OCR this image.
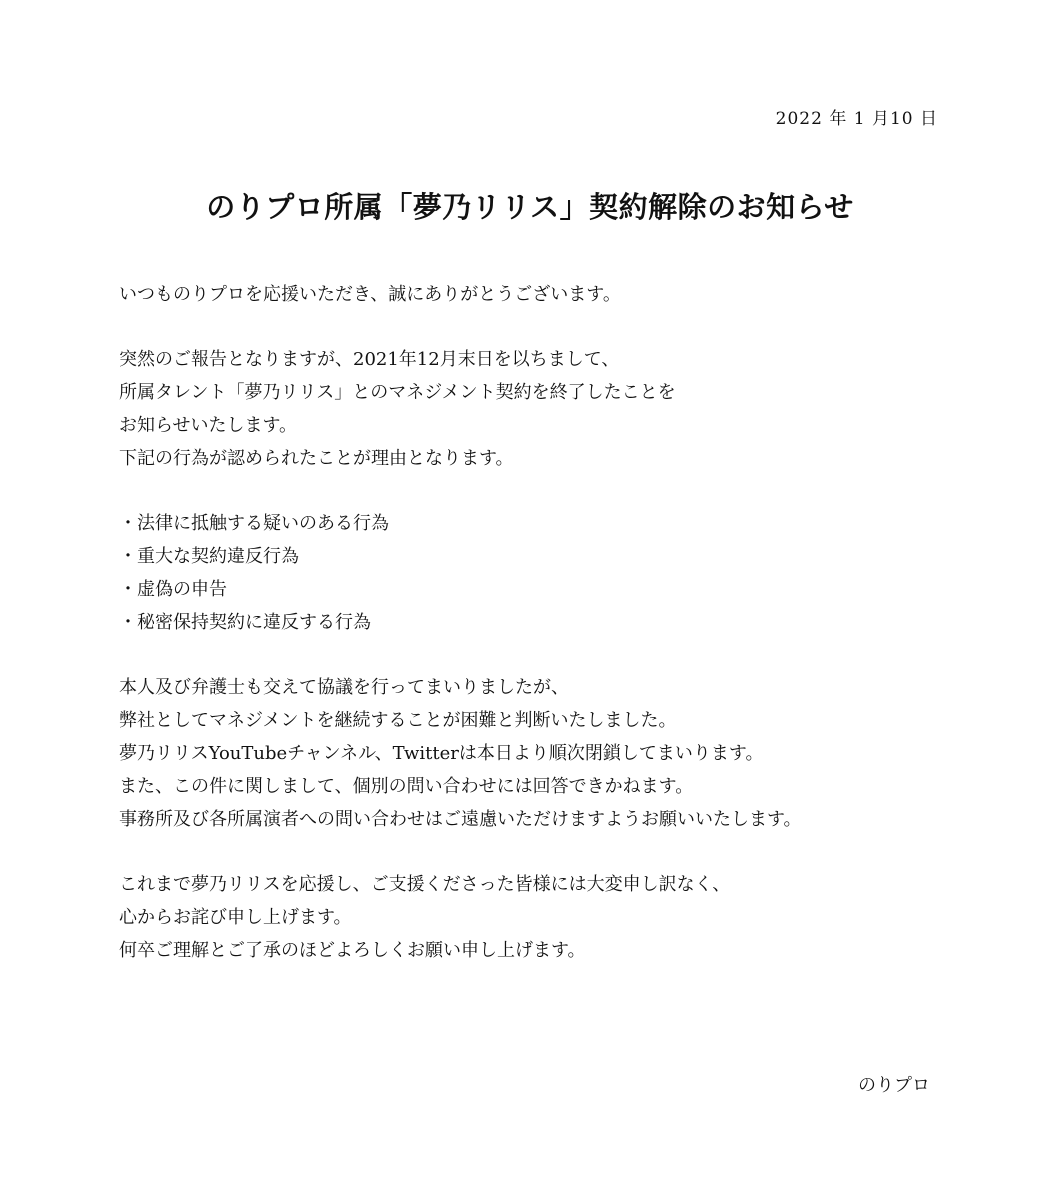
2022 年 1 月10 日
のりプロ所属「夢乃リリス」契約解除のお知らせ
いつものりプロを応援いただき、誠にありがとうございます。
突然のご報告となりますが、2021年12月末日を以ちまして、
所属タレント「夢乃リリス」とのマネジメント契約を終了したことを
お知らせいたします。
下記の行為が認められたことが理由となります。
・法律に抵触する疑いのある行為
・重大な契約違反行為
・虚偽の申告
・秘密保持契約に違反する行為
本人及び弁護士も交えて協議を行ってまいりましたが、
弊社としてマネジメントを継続することが困難と判断いたしました。
夢乃リリスYouTubeチャンネル、Twitterは本日より順次閉鎖してまいります。
また、この件に関しまして、個別の問い合わせには回答できかねます。
事務所及び各所属演者への問い合わせはご遠慮いただけますようお願いいたします。
これまで夢乃リリスを応援し、ご支援くださった皆様には大変申し訳なく、
心からお詫び申し上げます。
何卒ご理解とご了承のほどよろしくお願い申し上げます。
のりプロ
